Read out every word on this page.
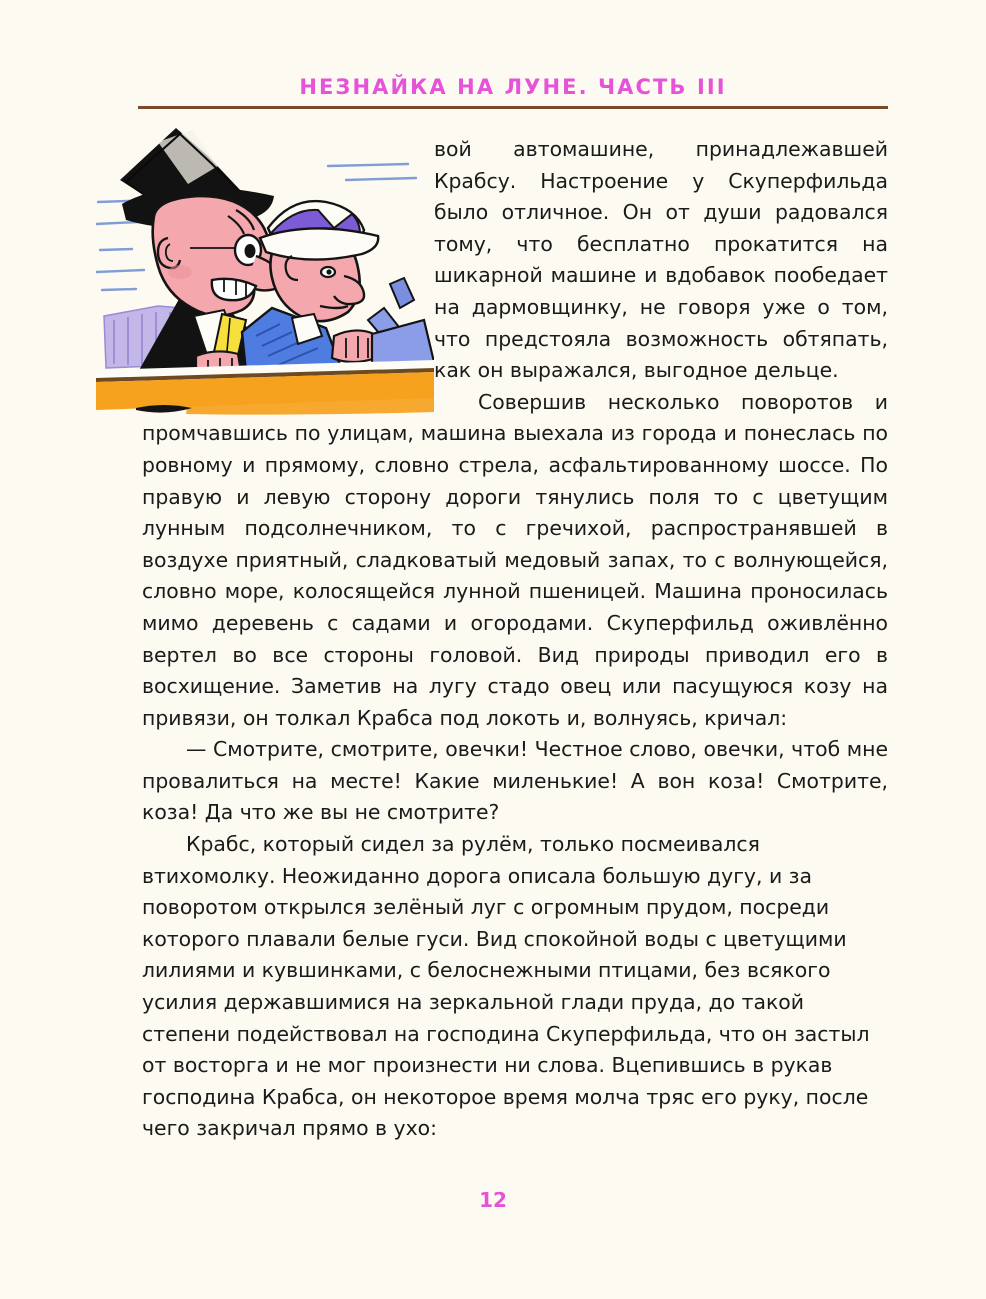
НЕЗНАЙКА НА ЛУНЕ. ЧАСТЬ III

вой автомашине, принадлежавшей Крабсу. Настроение у Скуперфильда было отличное. Он от души радовался тому, что бесплатно прокатится на шикарной машине и вдобавок пообедает на дармовщинку, не говоря уже о том, что предстояла возможность обтяпать, как он выражался, выгодное дельце.

Совершив несколько поворотов и промчавшись по улицам, машина выехала из города и понеслась по ровному и прямому, словно стрела, асфальтированному шоссе. По правую и левую сторону дороги тянулись поля то с цветущим лунным подсолнечником, то с гречихой, распространявшей в воздухе приятный, сладковатый медовый запах, то с волнующейся, словно море, колосящейся лунной пшеницей. Машина проносилась мимо деревень с садами и огородами. Скуперфильд оживлённо вертел во все стороны головой. Вид природы приводил его в восхищение. Заметив на лугу стадо овец или пасущуюся козу на привязи, он толкал Крабса под локоть и, волнуясь, кричал:

— Смотрите, смотрите, овечки! Честное слово, овечки, чтоб мне провалиться на месте! Какие миленькие! А вон коза! Смотрите, коза! Да что же вы не смотрите?

Крабс, который сидел за рулём, только посмеивался втихомолку. Неожиданно дорога описала большую дугу, и за поворотом открылся зелёный луг с огромным прудом, посреди которого плавали белые гуси. Вид спокойной воды с цветущими лилиями и кувшинками, с белоснежными птицами, без всякого усилия державшимися на зеркальной глади пруда, до такой степени подействовал на господина Скуперфильда, что он застыл от восторга и не мог произнести ни слова. Вцепившись в рукав господина Крабса, он некоторое время молча тряс его руку, после чего закричал прямо в ухо:

12
